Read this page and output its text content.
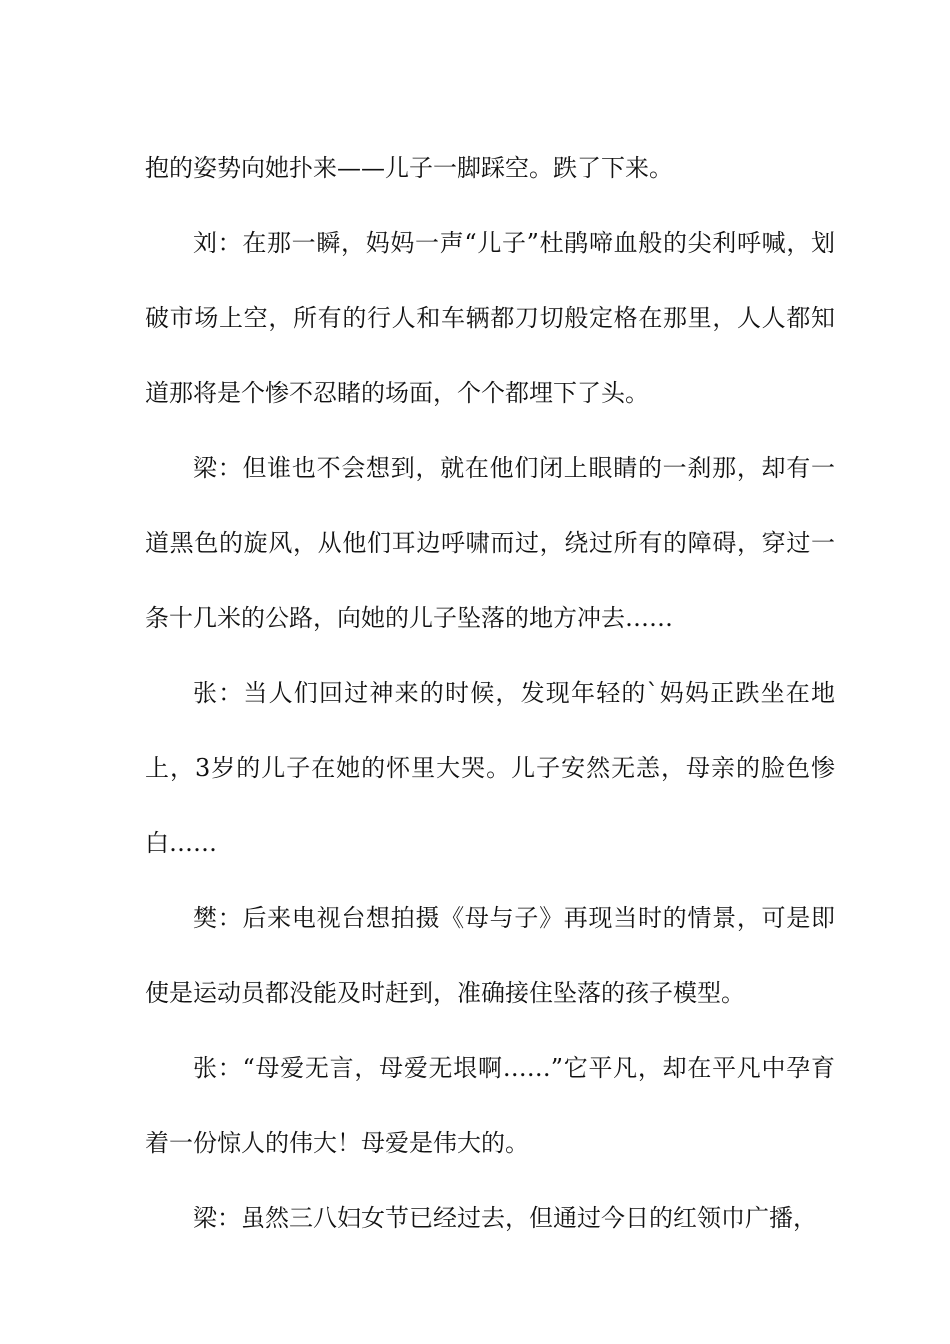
抱的姿势向她扑来——儿子一脚踩空。跌了下来。

刘：在那一瞬，妈妈一声“儿子”杜鹃啼血般的尖利呼喊，划破市场上空，所有的行人和车辆都刀切般定格在那里，人人都知道那将是个惨不忍睹的场面，个个都埋下了头。

梁：但谁也不会想到，就在他们闭上眼睛的一刹那，却有一道黑色的旋风，从他们耳边呼啸而过，绕过所有的障碍，穿过一条十几米的公路，向她的儿子坠落的地方冲去……

张：当人们回过神来的时候，发现年轻的`妈妈正跌坐在地上，3岁的儿子在她的怀里大哭。儿子安然无恙，母亲的脸色惨白……

樊：后来电视台想拍摄《母与子》再现当时的情景，可是即使是运动员都没能及时赶到，准确接住坠落的孩子模型。

张：“母爱无言，母爱无垠啊……”它平凡，却在平凡中孕育着一份惊人的伟大！母爱是伟大的。

梁：虽然三八妇女节已经过去，但通过今日的红领巾广播，
